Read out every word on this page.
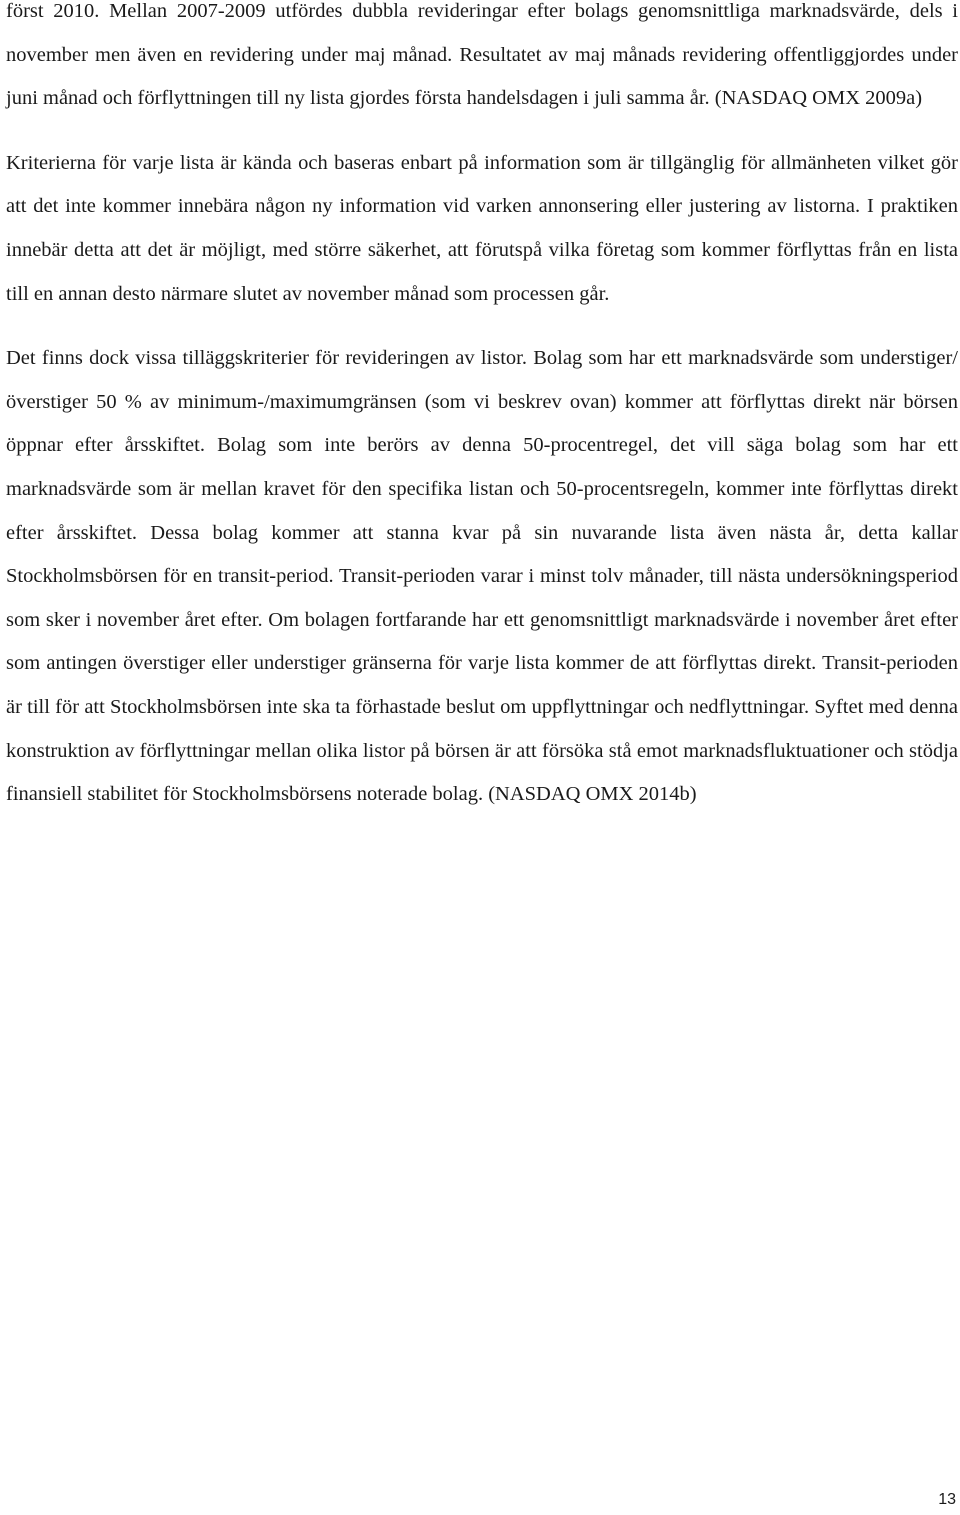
först 2010. Mellan 2007-2009 utfördes dubbla revideringar efter bolags genomsnittliga marknadsvärde, dels i november men även en revidering under maj månad. Resultatet av maj månads revidering offentliggjordes under juni månad och förflyttningen till ny lista gjordes första handelsdagen i juli samma år. (NASDAQ OMX 2009a)

Kriterierna för varje lista är kända och baseras enbart på information som är tillgänglig för allmänheten vilket gör att det inte kommer innebära någon ny information vid varken annonsering eller justering av listorna. I praktiken innebär detta att det är möjligt, med större säkerhet, att förutspå vilka företag som kommer förflyttas från en lista till en annan desto närmare slutet av november månad som processen går.

Det finns dock vissa tilläggskriterier för revideringen av listor. Bolag som har ett marknadsvärde som understiger/överstiger 50 % av minimum-/maximumgränsen (som vi beskrev ovan) kommer att förflyttas direkt när börsen öppnar efter årsskiftet. Bolag som inte berörs av denna 50-procentregel, det vill säga bolag som har ett marknadsvärde som är mellan kravet för den specifika listan och 50-procentsregeln, kommer inte förflyttas direkt efter årsskiftet. Dessa bolag kommer att stanna kvar på sin nuvarande lista även nästa år, detta kallar Stockholmsbörsen för en transit-period. Transit-perioden varar i minst tolv månader, till nästa undersökningsperiod som sker i november året efter. Om bolagen fortfarande har ett genomsnittligt marknadsvärde i november året efter som antingen överstiger eller understiger gränserna för varje lista kommer de att förflyttas direkt. Transit-perioden är till för att Stockholmsbörsen inte ska ta förhastade beslut om uppflyttningar och nedflyttningar. Syftet med denna konstruktion av förflyttningar mellan olika listor på börsen är att försöka stå emot marknadsfluktuationer och stödja finansiell stabilitet för Stockholmsbörsens noterade bolag. (NASDAQ OMX 2014b)

13
